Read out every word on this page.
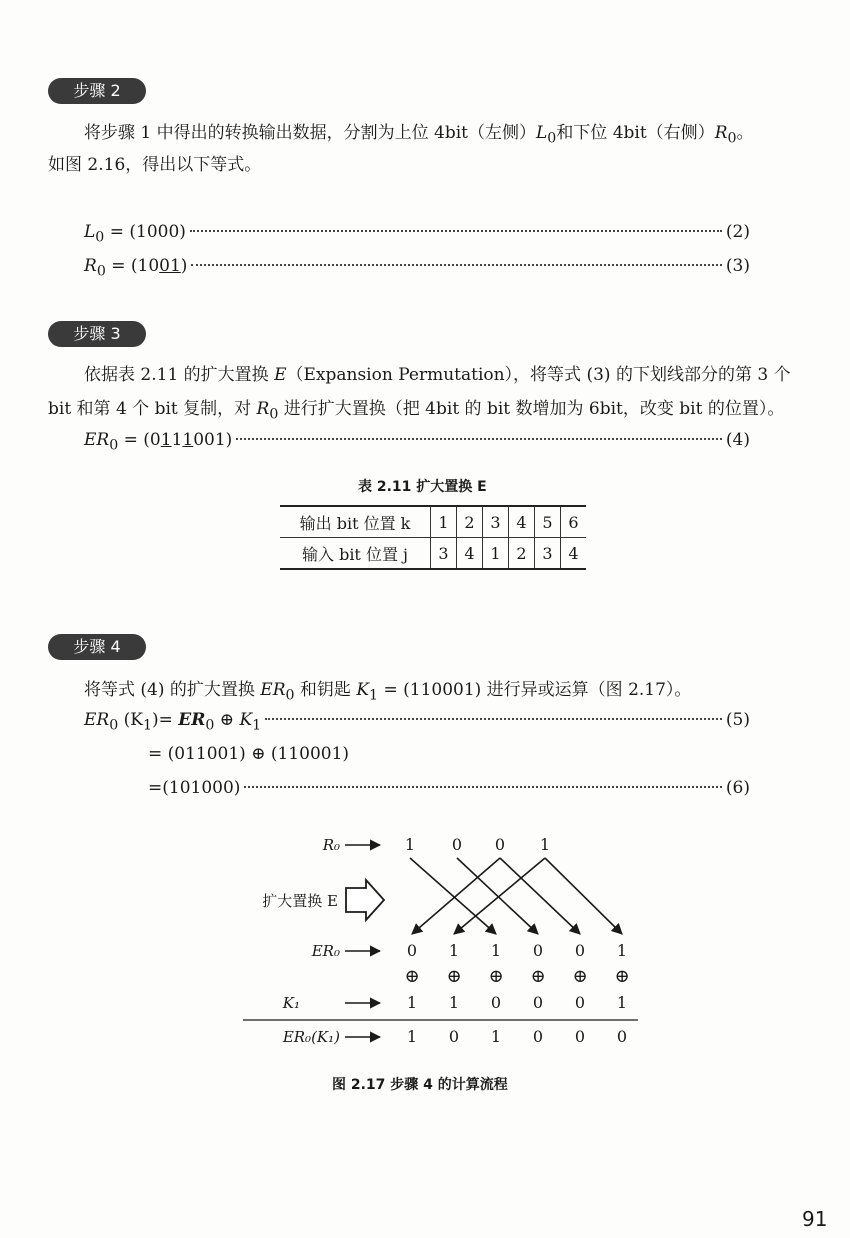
步骤 2
将步骤 1 中得出的转换输出数据，分割为上位 4bit（左侧）$L_0$和下位 4bit（右侧）$R_0$。
如图 2.16，得出以下等式。
$L_0 = (1000)$	(2)
$R_0 = (1001)$	(3)
步骤 3
依据表 2.11 的扩大置换 E（Expansion Permutation），将等式 (3) 的下划线部分的第 3 个
bit 和第 4 个 bit 复制，对 $R_0$ 进行扩大置换（把 4bit 的 bit 数增加为 6bit，改变 bit 的位置）。
$ER_0 = (0111001)$	(4)
表 2.11 扩大置换 E
输出 bit 位置 k	1	2	3	4	5	6
输入 bit 位置 j	3	4	1	2	3	4
步骤 4
将等式 (4) 的扩大置换 $ER_0$ 和钥匙 $K_1 = (110001)$ 进行异或运算（图 2.17）。
$ER_0$ $(K_1)= ER_0$ ⊕ $K_1$	(5)
= (011001) ⊕ (110001)
=(101000)	(6)
R₀
ER₀
K₁
ER₀(K₁)
扩大置换 E
1 0 0 1
0 1 1 0 0 1
⊕ ⊕ ⊕ ⊕ ⊕ ⊕
1 1 0 0 0 1
1 0 1 0 0 0
图 2.17 步骤 4 的计算流程
91
